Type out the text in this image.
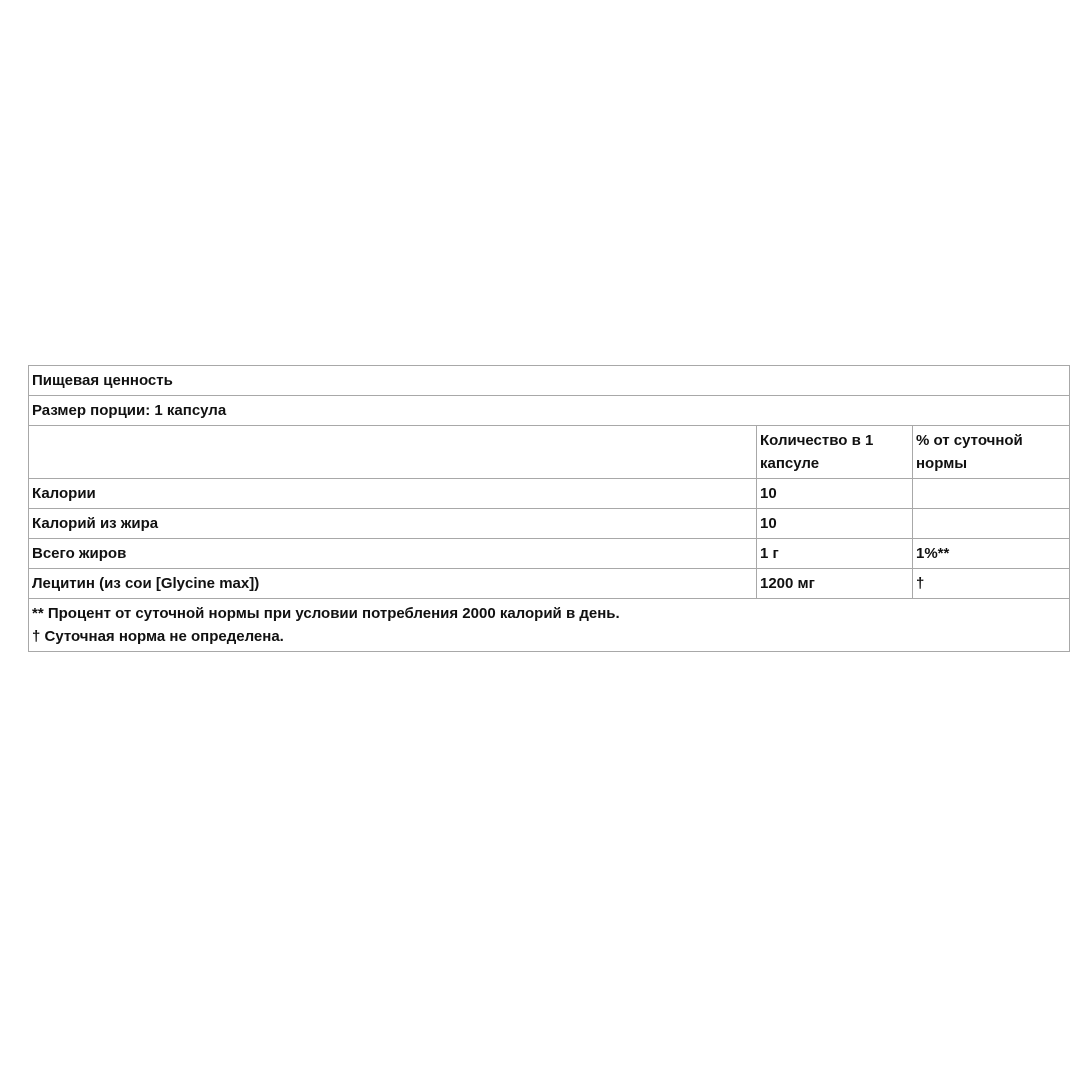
Пищевая ценность		
Размер порции: 1 капсула		
	Количество в 1 капсуле	% от суточной нормы
Калории	10	
Калорий из жира	10	
Всего жиров	1 г	1%**
Лецитин (из сои [Glycine max])	1200 мг	†

** Процент от суточной нормы при условии потребления 2000 калорий в день.
† Суточная норма не определена.		
